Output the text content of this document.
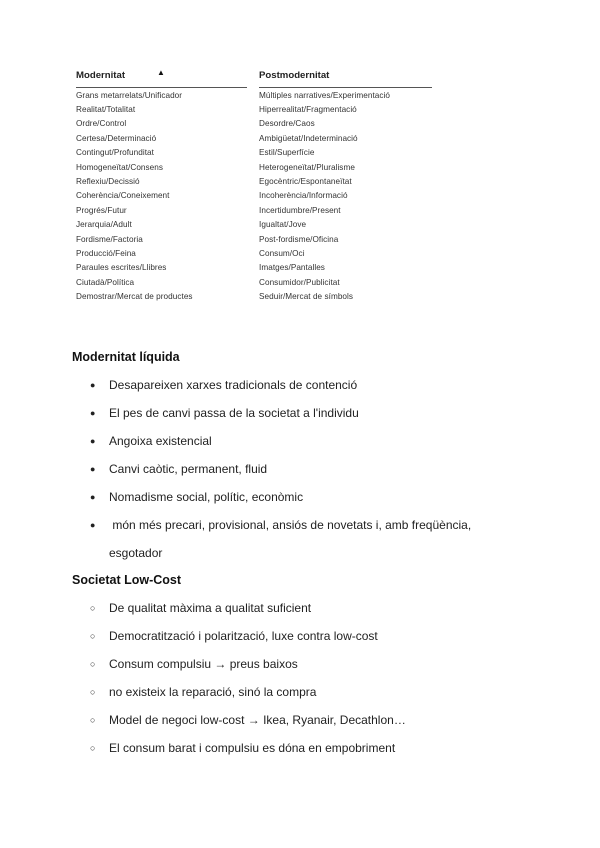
▲
Modernitat	Postmodernitat
Grans metarrelats/Unificador	Múltiples narratives/Experimentació
Realitat/Totalitat	Hiperrealitat/Fragmentació
Ordre/Control	Desordre/Caos
Certesa/Determinació	Ambigüetat/Indeterminació
Contingut/Profunditat	Estil/Superfície
Homogeneïtat/Consens	Heterogeneïtat/Pluralisme
Reflexiu/Decissió	Egocèntric/Espontaneïtat
Coherència/Coneixement	Incoherència/Informació
Progrés/Futur	Incertidumbre/Present
Jerarquia/Adult	Igualtat/Jove
Fordisme/Factoria	Post-fordisme/Oficina
Producció/Feina	Consum/Oci
Paraules escrites/Llibres	Imatges/Pantalles
Ciutadà/Política	Consumidor/Publicitat
Demostrar/Mercat de productes	Seduir/Mercat de símbols
Modernitat líquida
● Desapareixen xarxes tradicionals de contenció
● El pes de canvi passa de la societat a l'individu
● Angoixa existencial
● Canvi caòtic, permanent, fluid
● Nomadisme social, polític, econòmic
● món més precari, provisional, ansiós de novetats i, amb freqüència,
esgotador
Societat Low-Cost
○ De qualitat màxima a qualitat suficient
○ Democratització i polarització, luxe contra low-cost
○ Consum compulsiu → preus baixos
○ no existeix la reparació, sinó la compra
○ Model de negoci low-cost → Ikea, Ryanair, Decathlon…
○ El consum barat i compulsiu es dóna en empobriment
